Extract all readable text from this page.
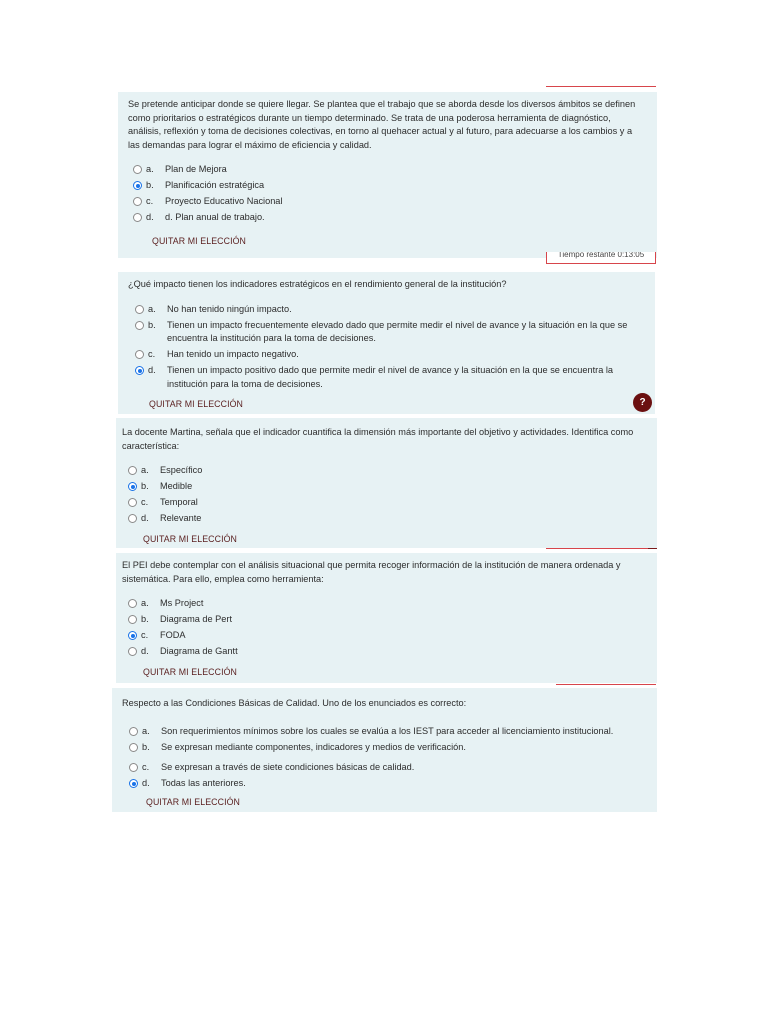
Se pretende anticipar donde se quiere llegar. Se plantea que el trabajo que se aborda desde los diversos ámbitos se definen como prioritarios o estratégicos durante un tiempo determinado. Se trata de una poderosa herramienta de diagnóstico, análisis, reflexión y toma de decisiones colectivas, en torno al quehacer actual y al futuro, para adecuarse a los cambios y a las demandas para lograr el máximo de eficiencia y calidad.

a. Plan de Mejora
b. Planificación estratégica
c. Proyecto Educativo Nacional
d. d. Plan anual de trabajo.
QUITAR MI ELECCIÓN
Tiempo restante 0:13:05

¿Qué impacto tienen los indicadores estratégicos en el rendimiento general de la institución?

a. No han tenido ningún impacto.
b. Tienen un impacto frecuentemente elevado dado que permite medir el nivel de avance y la situación en la que se encuentra la institución para la toma de decisiones.
c. Han tenido un impacto negativo.
d. Tienen un impacto positivo dado que permite medir el nivel de avance y la situación en la que se encuentra la institución para la toma de decisiones.
QUITAR MI ELECCIÓN	?

La docente Martina, señala que el indicador cuantifica la dimensión más importante del objetivo y actividades. Identifica como característica:

a. Específico
b. Medible
c. Temporal
d. Relevante
QUITAR MI ELECCIÓN

El PEI debe contemplar con el análisis situacional que permita recoger información de la institución de manera ordenada y sistemática. Para ello, emplea como herramienta:

a. Ms Project
b. Diagrama de Pert
c. FODA
d. Diagrama de Gantt
QUITAR MI ELECCIÓN

Respecto a las Condiciones Básicas de Calidad. Uno de los enunciados es correcto:

a. Son requerimientos mínimos sobre los cuales se evalúa a los IEST para acceder al licenciamiento institucional.
b. Se expresan mediante componentes, indicadores y medios de verificación.
c. Se expresan a través de siete condiciones básicas de calidad.
d. Todas las anteriores.
QUITAR MI ELECCIÓN
